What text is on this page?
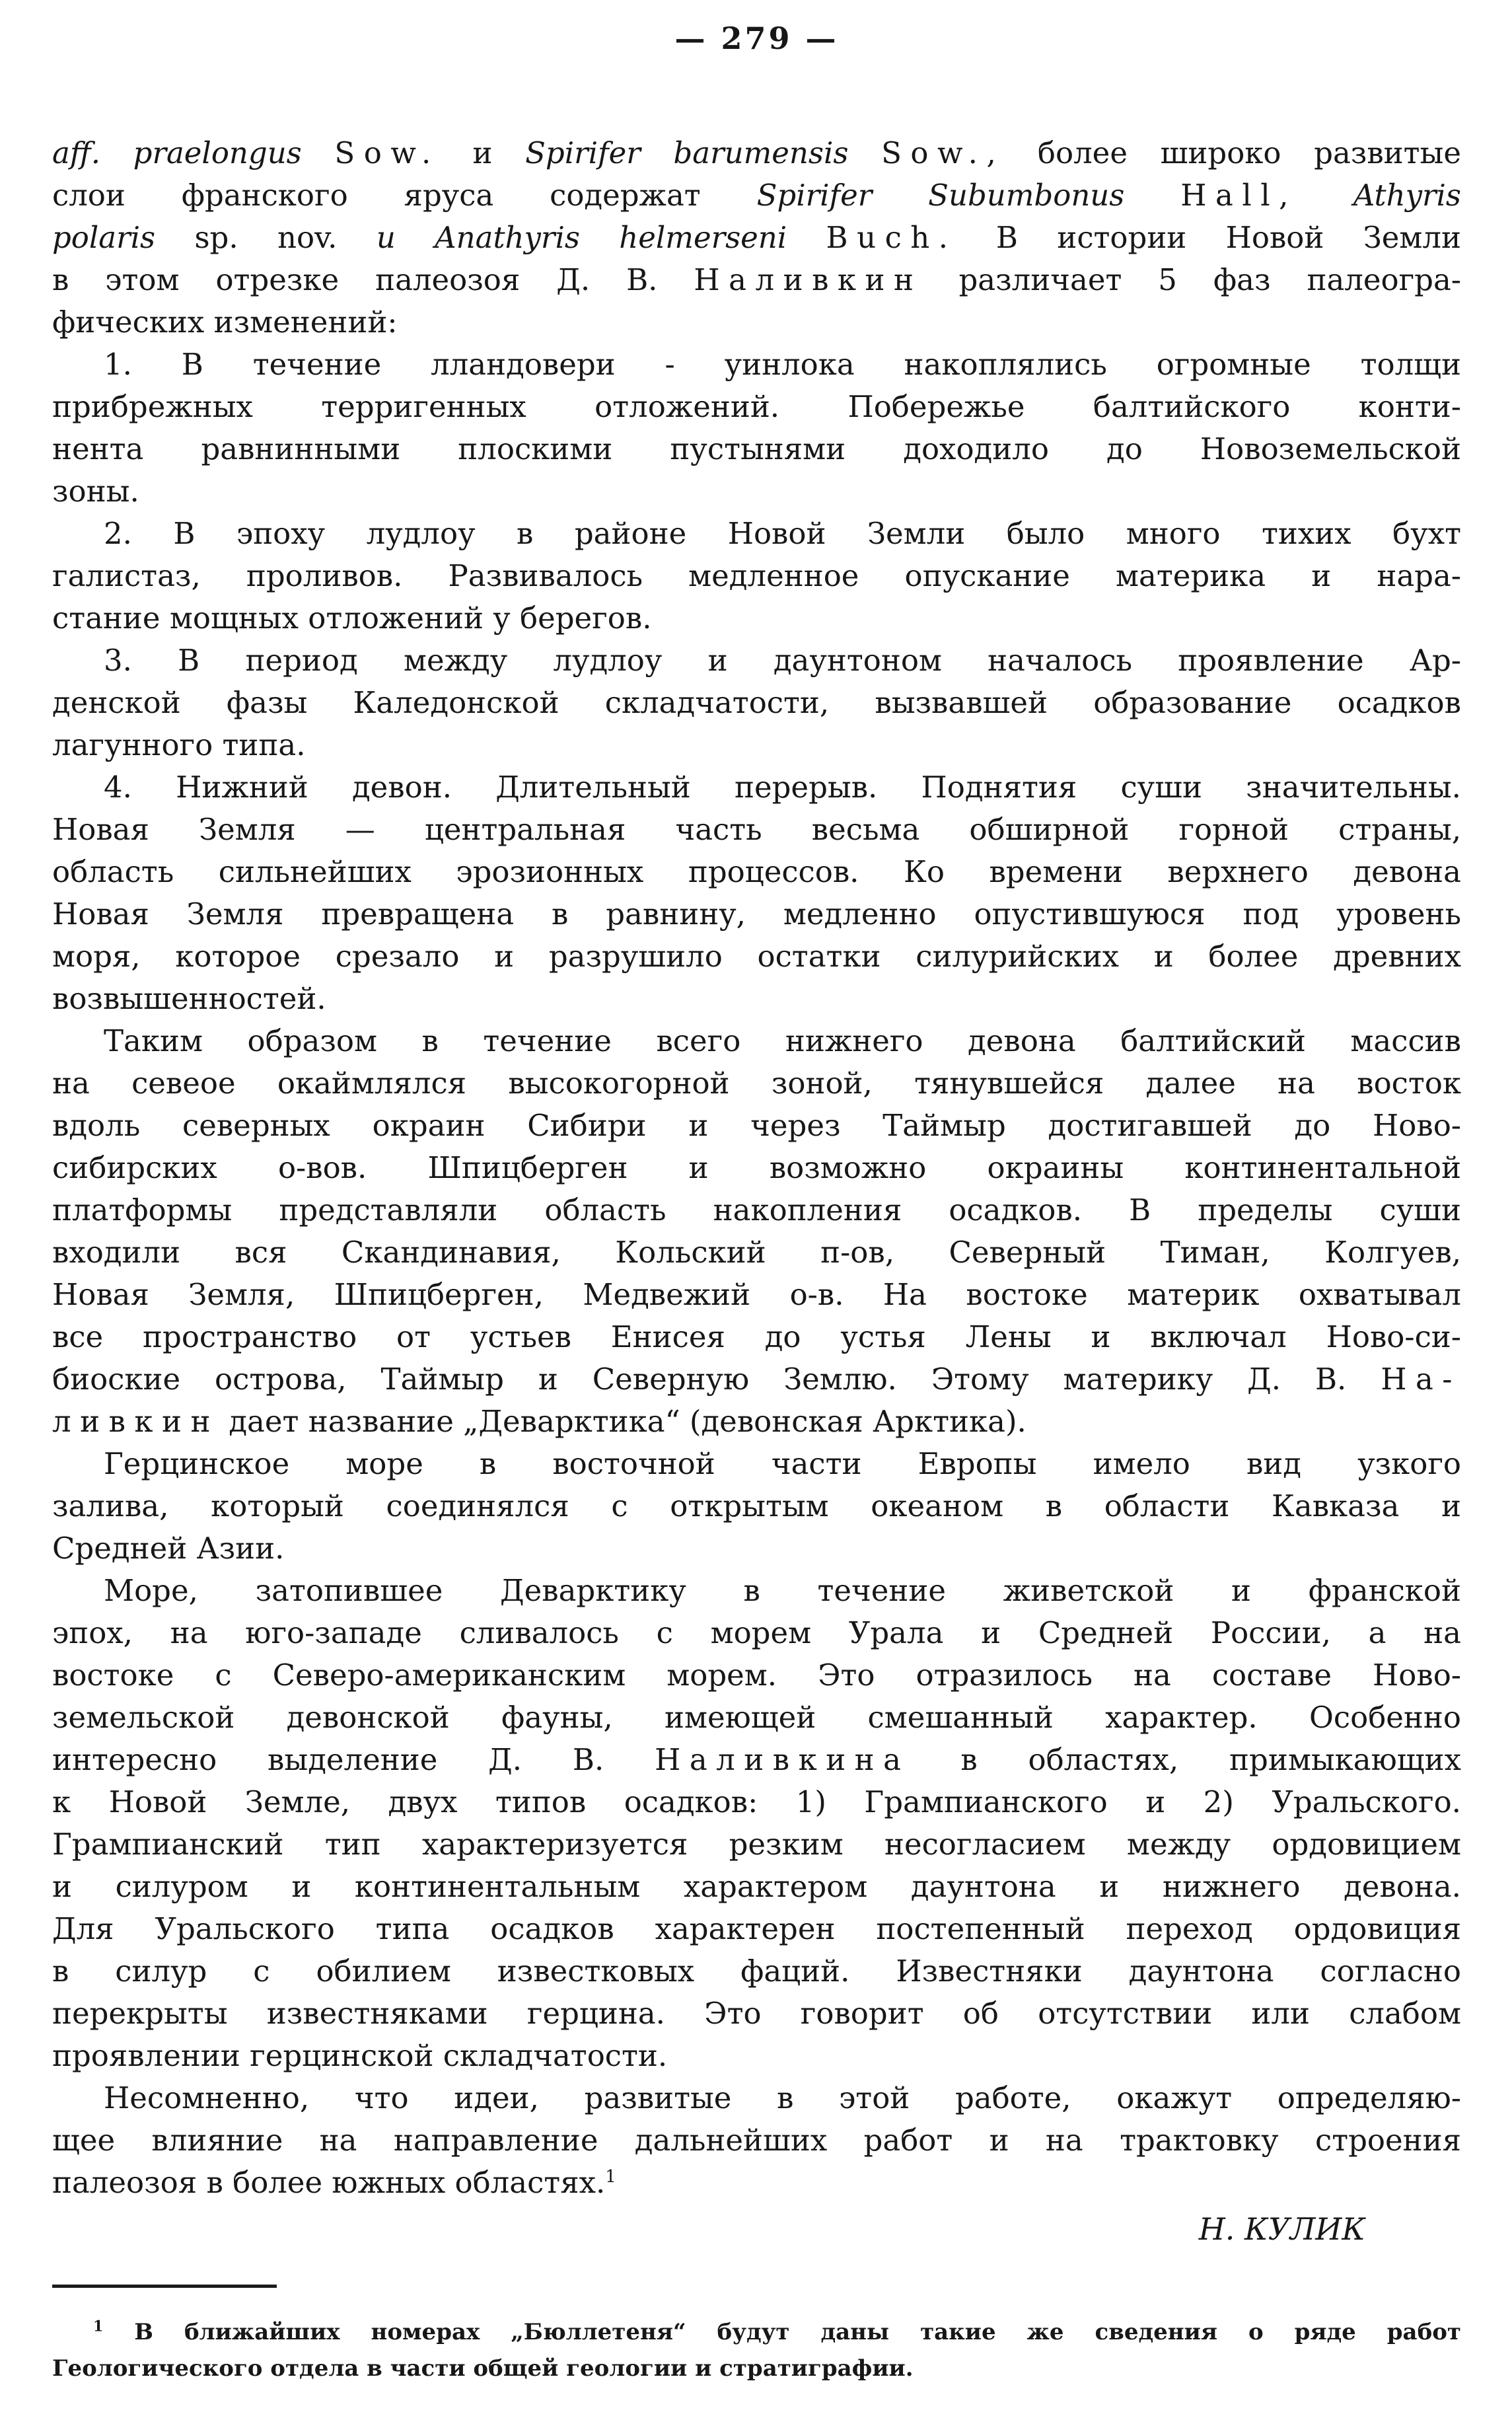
— 279 —
aff. praelongus Sow. и Spirifer barumensis Sow., более широко развитые
слои франского яруса содержат Spirifer Subumbonus Hall, Athyris
polaris sp. nov. и Anathyris helmerseni Buch. В истории Новой Земли
в этом отрезке палеозоя Д. В. Наливкин различает 5 фаз палеогра-
фических изменений:
1. В течение лландовери - уинлока накоплялись огромные толщи
прибрежных терригенных отложений. Побережье балтийского конти-
нента равнинными плоскими пустынями доходило до Новоземельской
зоны.
2. В эпоху лудлоу в районе Новой Земли было много тихих бухт
галистаз, проливов. Развивалось медленное опускание материка и нара-
стание мощных отложений у берегов.
3. В период между лудлоу и даунтоном началось проявление Ар-
денской фазы Каледонской складчатости, вызвавшей образование осадков
лагунного типа.
4. Нижний девон. Длительный перерыв. Поднятия суши значительны.
Новая Земля — центральная часть весьма обширной горной страны,
область сильнейших эрозионных процессов. Ко времени верхнего девона
Новая Земля превращена в равнину, медленно опустившуюся под уровень
моря, которое срезало и разрушило остатки силурийских и более древних
возвышенностей.
Таким образом в течение всего нижнего девона балтийский массив
на севеое окаймлялся высокогорной зоной, тянувшейся далее на восток
вдоль северных окраин Сибири и через Таймыр достигавшей до Ново-
сибирских о-вов. Шпицберген и возможно окраины континентальной
платформы представляли область накопления осадков. В пределы суши
входили вся Скандинавия, Кольский п-ов, Северный Тиман, Колгуев,
Новая Земля, Шпицберген, Медвежий о-в. На востоке материк охватывал
все пространство от устьев Енисея до устья Лены и включал Ново-си-
биоские острова, Таймыр и Северную Землю. Этому материку Д. В. На-
ливкин дает название „Деварктика“ (девонская Арктика).
Герцинское море в восточной части Европы имело вид узкого
залива, который соединялся с открытым океаном в области Кавказа и
Средней Азии.
Море, затопившее Деварктику в течение живетской и франской
эпох, на юго-западе сливалось с морем Урала и Средней России, а на
востоке с Северо-американским морем. Это отразилось на составе Ново-
земельской девонской фауны, имеющей смешанный характер. Особенно
интересно выделение Д. В. Наливкина в областях, примыкающих
к Новой Земле, двух типов осадков: 1) Грампианского и 2) Уральского.
Грампианский тип характеризуется резким несогласием между ордовицием
и силуром и континентальным характером даунтона и нижнего девона.
Для Уральского типа осадков характерен постепенный переход ордовиция
в силур с обилием известковых фаций. Известняки даунтона согласно
перекрыты известняками герцина. Это говорит об отсутствии или слабом
проявлении герцинской складчатости.
Несомненно, что идеи, развитые в этой работе, окажут определяю-
щее влияние на направление дальнейших работ и на трактовку строения
палеозоя в более южных областях.$^1$
Н. КУЛИК
$^1$ В ближайших номерах „Бюллетеня“ будут даны такие же сведения о ряде работ
Геологического отдела в части общей геологии и стратиграфии.
